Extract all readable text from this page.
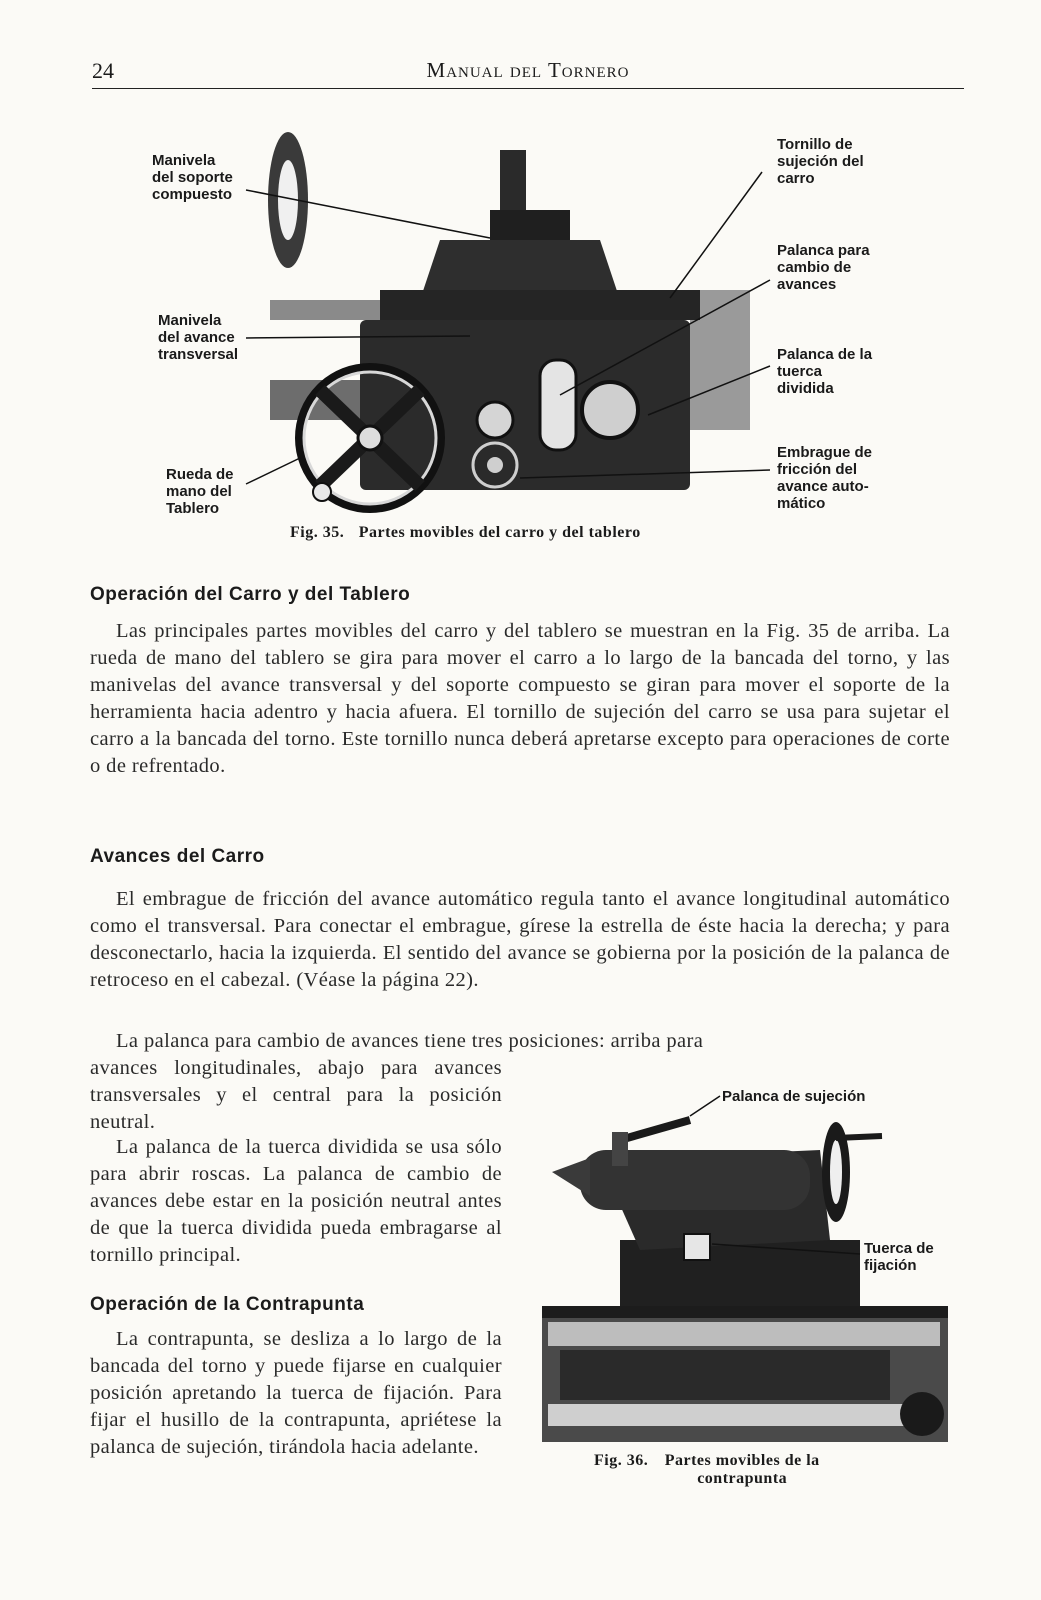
24	Manual del Tornero
Manivela
del soporte
compuesto
Manivela
del avance
transversal
Rueda de
mano del
Tablero
Tornillo de
sujeción del
carro
Palanca para
cambio de
avances
Palanca de la
tuerca
dividida
Embrague de
fricción del
avance auto-
mático
Fig. 35. Partes movibles del carro y del tablero
Operación del Carro y del Tablero
Las principales partes movibles del carro y del tablero se muestran en la Fig. 35 de arriba. La rueda de mano del tablero se gira para mover el carro a lo largo de la bancada del torno, y las manivelas del avance transversal y del soporte compuesto se giran para mover el soporte de la herramienta hacia adentro y hacia afuera. El tornillo de sujeción del carro se usa para sujetar el carro a la bancada del torno. Este tornillo nunca deberá apretarse excepto para operaciones de corte o de refrentado.
Avances del Carro
El embrague de fricción del avance automático regula tanto el avance longitudinal automático como el transversal. Para conectar el embrague, gírese la estrella de éste hacia la derecha; y para desconectarlo, hacia la izquierda. El sentido del avance se gobierna por la posición de la palanca de retroceso en el cabezal. (Véase la página 22).
La palanca para cambio de avances tiene tres posiciones: arriba para
avances longitudinales, abajo para avances transversales y el central para la posición neutral.
La palanca de la tuerca dividida se usa sólo para abrir roscas. La palanca de cambio de avances debe estar en la posición neutral antes de que la tuerca dividida pueda embragarse al tornillo principal.
Operación de la Contrapunta
La contrapunta, se desliza a lo largo de la bancada del torno y puede fijarse en cualquier posición apretando la tuerca de fijación. Para fijar el husillo de la contrapunta, apriétese la palanca de sujeción, tirándola hacia adelante.
Palanca de sujeción
Tuerca de
fijación
Fig. 36. Partes movibles de la
contrapunta
